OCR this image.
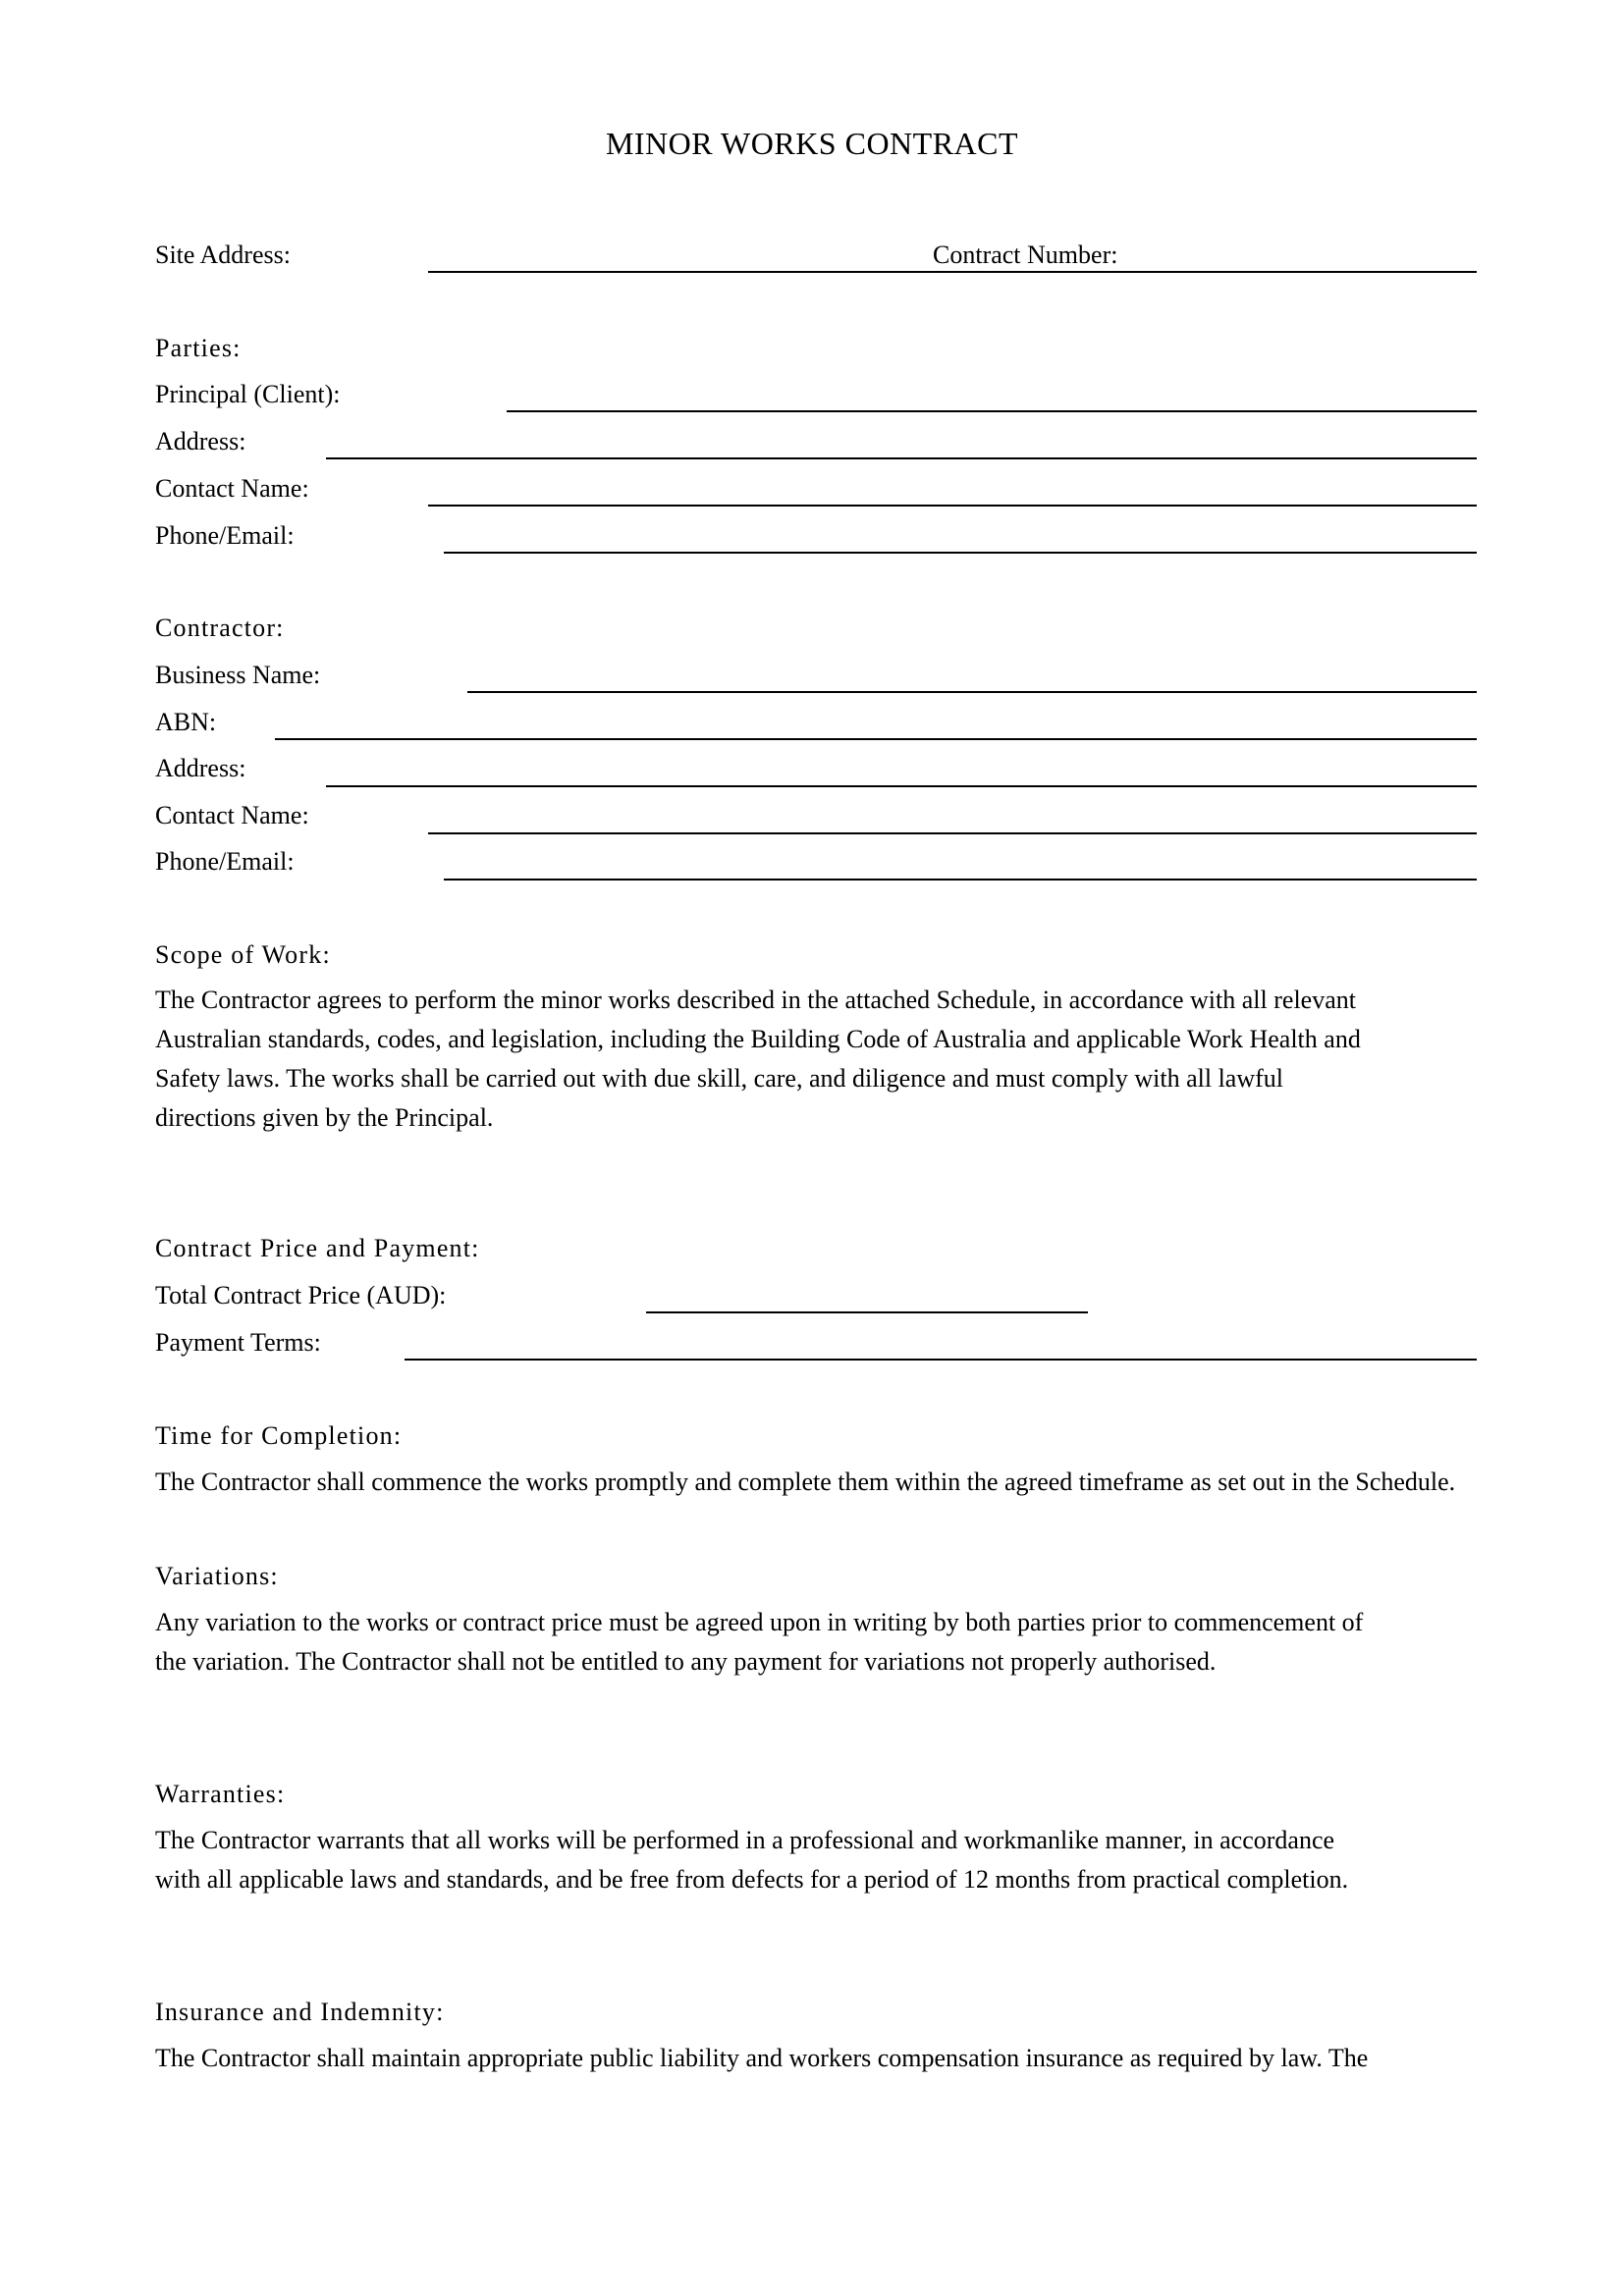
MINOR WORKS CONTRACT
Site Address:	Contract Number:
Parties:
Principal (Client):
Address:
Contact Name:
Phone/Email:
Contractor:
Business Name:
ABN:
Address:
Contact Name:
Phone/Email:
Scope of Work:
The Contractor agrees to perform the minor works described in the attached Schedule, in accordance with all relevant
Australian standards, codes, and legislation, including the Building Code of Australia and applicable Work Health and
Safety laws. The works shall be carried out with due skill, care, and diligence and must comply with all lawful
directions given by the Principal.
Contract Price and Payment:
Total Contract Price (AUD):
Payment Terms:
Time for Completion:
The Contractor shall commence the works promptly and complete them within the agreed timeframe as set out in the Schedule.
Variations:
Any variation to the works or contract price must be agreed upon in writing by both parties prior to commencement of
the variation. The Contractor shall not be entitled to any payment for variations not properly authorised.
Warranties:
The Contractor warrants that all works will be performed in a professional and workmanlike manner, in accordance
with all applicable laws and standards, and be free from defects for a period of 12 months from practical completion.
Insurance and Indemnity:
The Contractor shall maintain appropriate public liability and workers compensation insurance as required by law. The
